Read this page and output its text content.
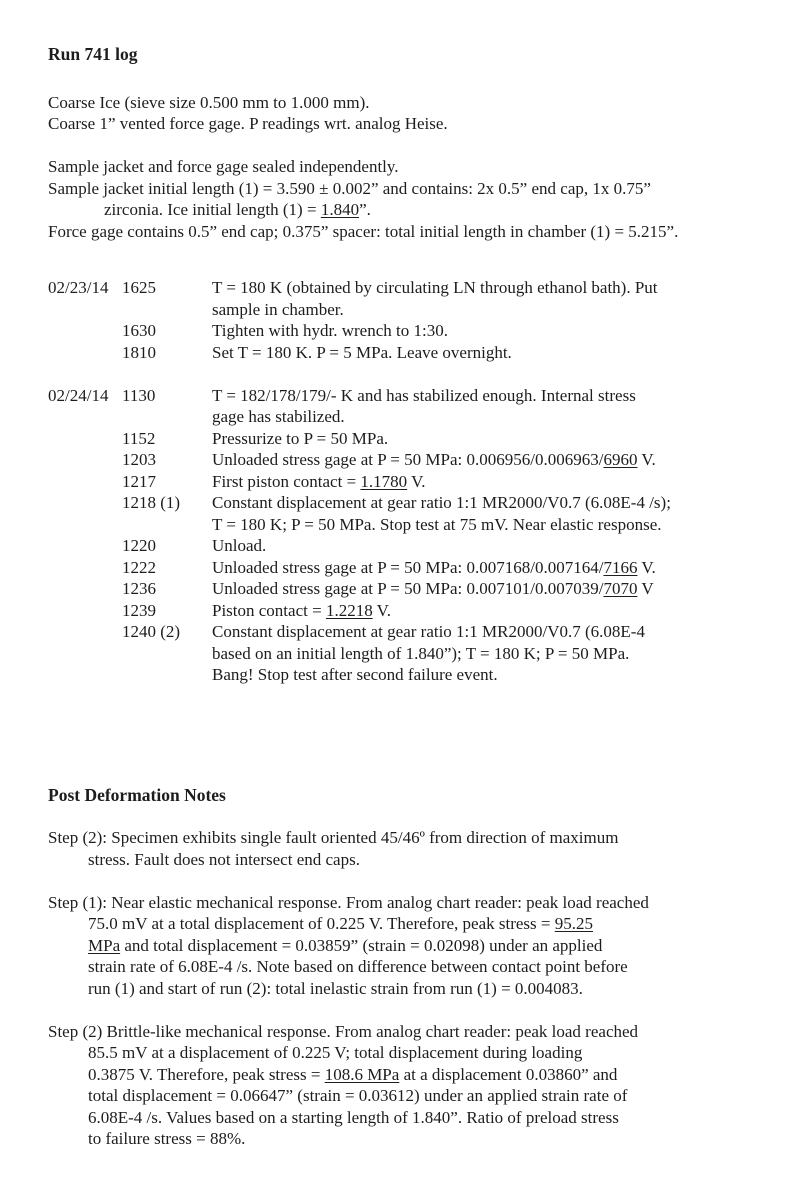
Run 741 log
Coarse Ice (sieve size 0.500 mm to 1.000 mm).
Coarse 1” vented force gage. P readings wrt. analog Heise.
Sample jacket and force gage sealed independently.
Sample jacket initial length (1) = 3.590 ± 0.002” and contains: 2x 0.5” end cap, 1x 0.75”
zirconia. Ice initial length (1) = 1.840”.
Force gage contains 0.5” end cap; 0.375” spacer: total initial length in chamber (1) = 5.215”.
02/23/14 1625	T = 180 K (obtained by circulating LN through ethanol bath). Put
sample in chamber.
1630	Tighten with hydr. wrench to 1:30.
1810	Set T = 180 K. P = 5 MPa. Leave overnight.
02/24/14 1130	T = 182/178/179/- K and has stabilized enough. Internal stress
gage has stabilized.
1152	Pressurize to P = 50 MPa.
1203	Unloaded stress gage at P = 50 MPa: 0.006956/0.006963/6960 V.
1217	First piston contact = 1.1780 V.
1218 (1)	Constant displacement at gear ratio 1:1 MR2000/V0.7 (6.08E-4 /s);
T = 180 K; P = 50 MPa. Stop test at 75 mV. Near elastic response.
1220	Unload.
1222	Unloaded stress gage at P = 50 MPa: 0.007168/0.007164/7166 V.
1236	Unloaded stress gage at P = 50 MPa: 0.007101/0.007039/7070 V
1239	Piston contact = 1.2218 V.
1240 (2)	Constant displacement at gear ratio 1:1 MR2000/V0.7 (6.08E-4
based on an initial length of 1.840”); T = 180 K; P = 50 MPa.
Bang! Stop test after second failure event.
Post Deformation Notes
Step (2): Specimen exhibits single fault oriented 45/46º from direction of maximum
stress. Fault does not intersect end caps.
Step (1): Near elastic mechanical response. From analog chart reader: peak load reached
75.0 mV at a total displacement of 0.225 V. Therefore, peak stress = 95.25
MPa and total displacement = 0.03859” (strain = 0.02098) under an applied
strain rate of 6.08E-4 /s. Note based on difference between contact point before
run (1) and start of run (2): total inelastic strain from run (1) = 0.004083.
Step (2) Brittle-like mechanical response. From analog chart reader: peak load reached
85.5 mV at a displacement of 0.225 V; total displacement during loading
0.3875 V. Therefore, peak stress = 108.6 MPa at a displacement 0.03860” and
total displacement = 0.06647” (strain = 0.03612) under an applied strain rate of
6.08E-4 /s. Values based on a starting length of 1.840”. Ratio of preload stress
to failure stress = 88%.
